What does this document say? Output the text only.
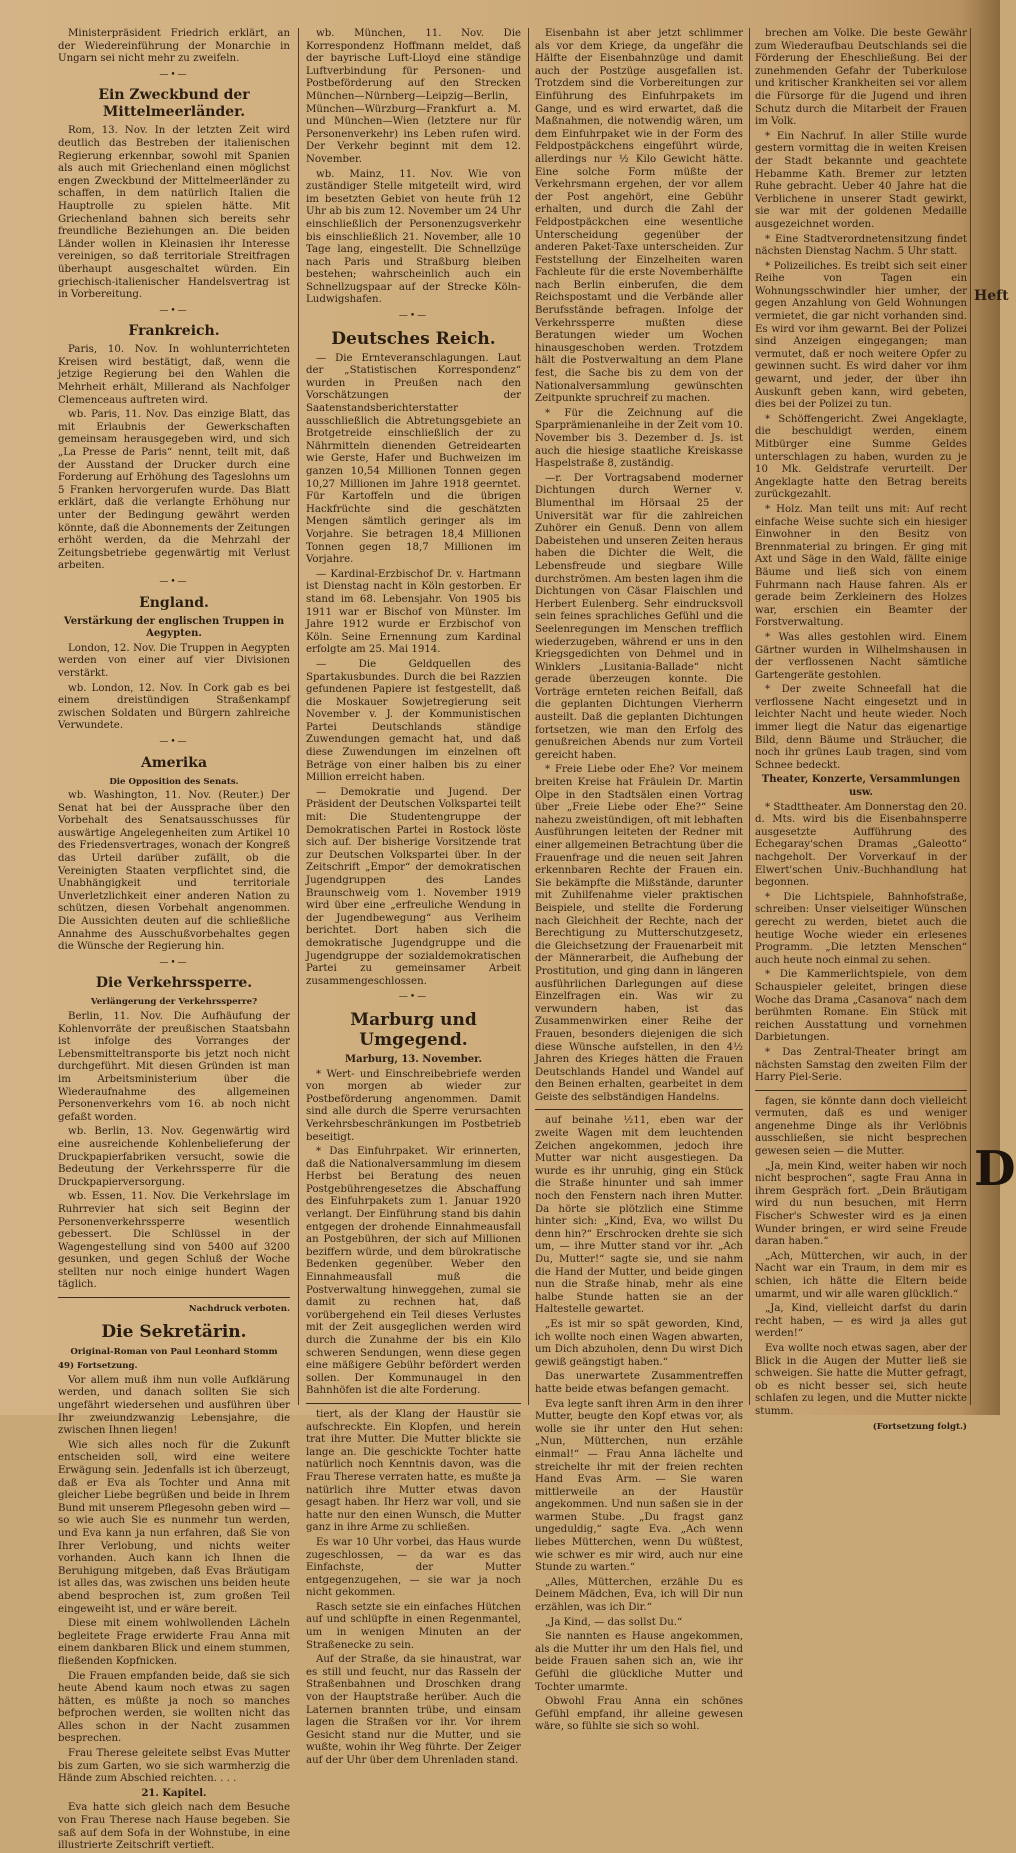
Ministerpräsident Friedrich erklärt, an der Wiedereinführung der Monarchie in Ungarn sei nicht mehr zu zweifeln.

—•—
Ein Zweckbund der Mittelmeerländer.

Rom, 13. Nov. In der letzten Zeit wird deutlich das Bestreben der italienischen Regierung erkennbar, sowohl mit Spanien als auch mit Griechenland einen möglichst engen Zweckbund der Mittelmeerländer zu schaffen, in dem natürlich Italien die Hauptrolle zu spielen hätte. Mit Griechenland bahnen sich bereits sehr freundliche Beziehungen an. Die beiden Länder wollen in Kleinasien ihr Interesse vereinigen, so daß territoriale Streitfragen überhaupt ausgeschaltet würden. Ein griechisch-italienischer Handelsvertrag ist in Vorbereitung.

—•—
Frankreich.

Paris, 10. Nov. In wohlunterrichteten Kreisen wird bestätigt, daß, wenn die jetzige Regierung bei den Wahlen die Mehrheit erhält, Millerand als Nachfolger Clemenceaus auftreten wird.

wb. Paris, 11. Nov. Das einzige Blatt, das mit Erlaubnis der Gewerkschaften gemeinsam herausgegeben wird, und sich „La Presse de Paris“ nennt, teilt mit, daß der Ausstand der Drucker durch eine Forderung auf Erhöhung des Tageslohns um 5 Franken hervorgerufen wurde. Das Blatt erklärt, daß die verlangte Erhöhung nur unter der Bedingung gewährt werden könnte, daß die Abonnements der Zeitungen erhöht werden, da die Mehrzahl der Zeitungsbetriebe gegenwärtig mit Verlust arbeiten.

—•—
England.
Verstärkung der englischen Truppen in Aegypten.

London, 12. Nov. Die Truppen in Aegypten werden von einer auf vier Divisionen verstärkt.

wb. London, 12. Nov. In Cork gab es bei einem dreistündigen Straßenkampf zwischen Soldaten und Bürgern zahlreiche Verwundete.

—•—
Amerika
Die Opposition des Senats.

wb. Washington, 11. Nov. (Reuter.) Der Senat hat bei der Aussprache über den Vorbehalt des Senatsausschusses für auswärtige Angelegenheiten zum Artikel 10 des Friedensvertrages, wonach der Kongreß das Urteil darüber zufällt, ob die Vereinigten Staaten verpflichtet sind, die Unabhängigkeit und territoriale Unverletzlichkeit einer anderen Nation zu schützen, diesen Vorbehalt angenommen. Die Aussichten deuten auf die schließliche Annahme des Ausschußvorbehaltes gegen die Wünsche der Regierung hin.

—•—
Die Verkehrssperre.
Verlängerung der Verkehrssperre?

Berlin, 11. Nov. Die Aufhäufung der Kohlenvorräte der preußischen Staatsbahn ist infolge des Vorranges der Lebensmitteltransporte bis jetzt noch nicht durchgeführt. Mit diesen Gründen ist man im Arbeitsministerium über die Wiederaufnahme des allgemeinen Personenverkehrs vom 16. ab noch nicht gefaßt worden.

wb. Berlin, 13. Nov. Gegenwärtig wird eine ausreichende Kohlenbelieferung der Druckpapierfabriken versucht, sowie die Bedeutung der Verkehrssperre für die Druckpapierversorgung.

wb. Essen, 11. Nov. Die Verkehrslage im Ruhrrevier hat sich seit Beginn der Personenverkehrssperre wesentlich gebessert. Die Schlüssel in der Wagengestellung sind von 5400 auf 3200 gesunken, und gegen Schluß der Woche stellten nur noch einige hundert Wagen täglich.

Nachdruck verboten.
Die Sekretärin.
Original-Roman von Paul Leonhard Stomm
49) Fortsetzung.

Vor allem muß ihm nun volle Aufklärung werden, und danach sollten Sie sich ungefährt wiedersehen und ausführen über Ihr zweiundzwanzig Lebensjahre, die zwischen Ihnen liegen!

Wie sich alles noch für die Zukunft entscheiden soll, wird eine weitere Erwägung sein. Jedenfalls ist ich überzeugt, daß er Eva als Tochter und Anna mit gleicher Liebe begrüßen und beide in Ihrem Bund mit unserem Pflegesohn geben wird — so wie auch Sie es nunmehr tun werden, und Eva kann ja nun erfahren, daß Sie von Ihrer Verlobung, und nichts weiter vorhanden. Auch kann ich Ihnen die Beruhigung mitgeben, daß Evas Bräutigam ist alles das, was zwischen uns beiden heute abend besprochen ist, zum großen Teil eingeweiht ist, und er wäre bereit.

Diese mit einem wohlwollenden Lächeln begleitete Frage erwiderte Frau Anna mit einem dankbaren Blick und einem stummen, fließenden Kopfnicken.

Die Frauen empfanden beide, daß sie sich heute Abend kaum noch etwas zu sagen hätten, es müßte ja noch so manches befprochen werden, sie wollten nicht das Alles schon in der Nacht zusammen besprechen.

Frau Therese geleitete selbst Evas Mutter bis zum Garten, wo sie sich warmherzig die Hände zum Abschied reichten. . . .

21. Kapitel.

Eva hatte sich gleich nach dem Besuche von Frau Therese nach Hause begeben. Sie saß auf dem Sofa in der Wohnstube, in eine illustrierte Zeitschrift vertieft.

wb. München, 11. Nov. Die Korrespondenz Hoffmann meldet, daß der bayrische Luft-Lloyd eine ständige Luftverbindung für Personen- und Postbeförderung auf den Strecken München—Nürnberg—Leipzig—Berlin, München—Würzburg—Frankfurt a. M. und München—Wien (letztere nur für Personenverkehr) ins Leben rufen wird. Der Verkehr beginnt mit dem 12. November.

wb. Mainz, 11. Nov. Wie von zuständiger Stelle mitgeteilt wird, wird im besetzten Gebiet von heute früh 12 Uhr ab bis zum 12. November um 24 Uhr einschließlich der Personenzugsverkehr bis einschließlich 21. November, alle 10 Tage lang, eingestellt. Die Schnellzüge nach Paris und Straßburg bleiben bestehen; wahrscheinlich auch ein Schnellzugspaar auf der Strecke Köln-Ludwigshafen.

—•—
Deutsches Reich.

— Die Ernteveranschlagungen. Laut der „Statistischen Korrespondenz“ wurden in Preußen nach den Vorschätzungen der Saatenstandsberichterstatter ausschließlich die Abtretungsgebiete an Brotgetreide einschließlich der zu Nährmitteln dienenden Getreidearten wie Gerste, Hafer und Buchweizen im ganzen 10,54 Millionen Tonnen gegen 10,27 Millionen im Jahre 1918 geerntet. Für Kartoffeln und die übrigen Hackfrüchte sind die geschätzten Mengen sämtlich geringer als im Vorjahre. Sie betragen 18,4 Millionen Tonnen gegen 18,7 Millionen im Vorjahre.

— Kardinal-Erzbischof Dr. v. Hartmann ist Dienstag nacht in Köln gestorben. Er stand im 68. Lebensjahr. Von 1905 bis 1911 war er Bischof von Münster. Im Jahre 1912 wurde er Erzbischof von Köln. Seine Ernennung zum Kardinal erfolgte am 25. Mai 1914.

— Die Geldquellen des Spartakusbundes. Durch die bei Razzien gefundenen Papiere ist festgestellt, daß die Moskauer Sowjetregierung seit November v. J. der Kommunistischen Partei Deutschlands ständige Zuwendungen gemacht hat, und daß diese Zuwendungen im einzelnen oft Beträge von einer halben bis zu einer Million erreicht haben.

— Demokratie und Jugend. Der Präsident der Deutschen Volkspartei teilt mit: Die Studentengruppe der Demokratischen Partei in Rostock löste sich auf. Der bisherige Vorsitzende trat zur Deutschen Volkspartei über. In der Zeitschrift „Empor“ der demokratischen Jugendgruppen des Landes Braunschweig vom 1. November 1919 wird über eine „erfreuliche Wendung in der Jugendbewegung“ aus Verlheim berichtet. Dort haben sich die demokratische Jugendgruppe und die Jugendgruppe der sozialdemokratischen Partei zu gemeinsamer Arbeit zusammengeschlossen.

—•—
Marburg und Umgegend.
Marburg, 13. November.

* Wert- und Einschreibebriefe werden von morgen ab wieder zur Postbeförderung angenommen. Damit sind alle durch die Sperre verursachten Verkehrsbeschränkungen im Postbetrieb beseitigt.

* Das Einfuhrpaket. Wir erinnerten, daß die Nationalversammlung im diesem Herbst bei Beratung des neuen Postgebührengesetzes die Abschaffung des Einfuhrpakets zum 1. Januar 1920 verlangt. Der Einführung stand bis dahin entgegen der drohende Einnahmeausfall an Postgebühren, der sich auf Millionen beziffern würde, und dem bürokratische Bedenken gegenüber. Weber den Einnahmeausfall muß die Postverwaltung hinweggehen, zumal sie damit zu rechnen hat, daß vorübergehend ein Teil dieses Verlustes mit der Zeit ausgeglichen werden wird durch die Zunahme der bis ein Kilo schweren Sendungen, wenn diese gegen eine mäßigere Gebühr befördert werden sollen. Der Kommunaugel in den Bahnhöfen ist die alte Forderung.

tiert, als der Klang der Haustür sie aufschreckte. Ein Klopfen, und herein trat ihre Mutter. Die Mutter blickte sie lange an. Die geschickte Tochter hatte natürlich noch Kenntnis davon, was die Frau Therese verraten hatte, es mußte ja natürlich ihre Mutter etwas davon gesagt haben. Ihr Herz war voll, und sie hatte nur den einen Wunsch, die Mutter ganz in ihre Arme zu schließen.

Es war 10 Uhr vorbei, das Haus wurde zugeschlossen, — da war es das Einfachste, der Mutter entgegenzugehen, — sie war ja noch nicht gekommen.

Rasch setzte sie ein einfaches Hütchen auf und schlüpfte in einen Regenmantel, um in wenigen Minuten an der Straßenecke zu sein.

Auf der Straße, da sie hinaustrat, war es still und feucht, nur das Rasseln der Straßenbahnen und Droschken drang von der Hauptstraße herüber. Auch die Laternen brannten trübe, und einsam lagen die Straßen vor ihr. Vor ihrem Gesicht stand nur die Mutter, und sie wußte, wohin ihr Weg führte. Der Zeiger auf der Uhr über dem Uhrenladen stand.

Eisenbahn ist aber jetzt schlimmer als vor dem Kriege, da ungefähr die Hälfte der Eisenbahnzüge und damit auch der Postzüge ausgefallen ist. Trotzdem sind die Vorbereitungen zur Einführung des Einfuhrpakets im Gange, und es wird erwartet, daß die Maßnahmen, die notwendig wären, um dem Einfuhrpaket wie in der Form des Feldpostpäckchens eingeführt würde, allerdings nur ½ Kilo Gewicht hätte. Eine solche Form müßte der Verkehrsmann ergehen, der vor allem der Post angehört, eine Gebühr erhalten, und durch die Zahl der Feldpostpäckchen eine wesentliche Unterscheidung gegenüber der anderen Paket-Taxe unterscheiden. Zur Feststellung der Einzelheiten waren Fachleute für die erste Novemberhälfte nach Berlin einberufen, die dem Reichspostamt und die Verbände aller Berufsstände befragen. Infolge der Verkehrssperre mußten diese Beratungen wieder um Wochen hinausgeschoben werden. Trotzdem hält die Postverwaltung an dem Plane fest, die Sache bis zu dem von der Nationalversammlung gewünschten Zeitpunkte spruchreif zu machen.

* Für die Zeichnung auf die Sparprämienanleihe in der Zeit vom 10. November bis 3. Dezember d. Js. ist auch die hiesige staatliche Kreiskasse Haspelstraße 8, zuständig.

—r. Der Vortragsabend moderner Dichtungen durch Werner v. Blumenthal im Hörsaal 25 der Universität war für die zahlreichen Zuhörer ein Genuß. Denn von allem Dabeistehen und unseren Zeiten heraus haben die Dichter die Welt, die Lebensfreude und siegbare Wille durchströmen. Am besten lagen ihm die Dichtungen von Cäsar Flaischlen und Herbert Eulenberg. Sehr eindrucksvoll sein feines sprachliches Gefühl und die Seelenregungen im Menschen trefflich wiederzugeben, während er uns in den Kriegsgedichten von Dehmel und in Winklers „Lusitania-Ballade“ nicht gerade überzeugen konnte. Die Vorträge ernteten reichen Beifall, daß die geplanten Dichtungen Vierherrn austeilt. Daß die geplanten Dichtungen fortsetzen, wie man den Erfolg des genußreichen Abends nur zum Vorteil gereicht haben.

* Freie Liebe oder Ehe? Vor meinem breiten Kreise hat Fräulein Dr. Martin Olpe in den Stadtsälen einen Vortrag über „Freie Liebe oder Ehe?“ Seine nahezu zweistündigen, oft mit lebhaften Ausführungen leiteten der Redner mit einer allgemeinen Betrachtung über die Frauenfrage und die neuen seit Jahren erkennbaren Rechte der Frauen ein. Sie bekämpfte die Mißstände, darunter mit Zuhilfenahme vieler praktischen Beispiele, und stellte die Forderung nach Gleichheit der Rechte, nach der Berechtigung zu Mutterschutzgesetz, die Gleichsetzung der Frauenarbeit mit der Männerarbeit, die Aufhebung der Prostitution, und ging dann in längeren ausführlichen Darlegungen auf diese Einzelfragen ein. Was wir zu verwundern haben, ist das Zusammenwirken einer Reihe der Frauen, besonders diejenigen die sich diese Wünsche aufstellen, in den 4½ Jahren des Krieges hätten die Frauen Deutschlands Handel und Wandel auf den Beinen erhalten, gearbeitet in dem Geiste des selbständigen Handelns.

auf beinahe ½11, eben war der zweite Wagen mit dem leuchtenden Zeichen angekommen, jedoch ihre Mutter war nicht ausgestiegen. Da wurde es ihr unruhig, ging ein Stück die Straße hinunter und sah immer noch den Fenstern nach ihren Mutter. Da hörte sie plötzlich eine Stimme hinter sich: „Kind, Eva, wo willst Du denn hin?“ Erschrocken drehte sie sich um, — ihre Mutter stand vor ihr. „Ach Du, Mutter!“ sagte sie, und sie nahm die Hand der Mutter, und beide gingen nun die Straße hinab, mehr als eine halbe Stunde hatten sie an der Haltestelle gewartet.

„Es ist mir so spät geworden, Kind, ich wollte noch einen Wagen abwarten, um Dich abzuholen, denn Du wirst Dich gewiß geängstigt haben.“

Das unerwartete Zusammentreffen hatte beide etwas befangen gemacht.

Eva legte sanft ihren Arm in den ihrer Mutter, beugte den Kopf etwas vor, als wolle sie ihr unter den Hut sehen: „Nun, Mütterchen, nun erzähle einmal!“ — Frau Anna lächelte und streichelte ihr mit der freien rechten Hand Evas Arm. — Sie waren mittlerweile an der Haustür angekommen. Und nun saßen sie in der warmen Stube. „Du fragst ganz ungeduldig,“ sagte Eva. „Ach wenn liebes Mütterchen, wenn Du wüßtest, wie schwer es mir wird, auch nur eine Stunde zu warten.“

„Alles, Mütterchen, erzähle Du es Deinem Mädchen, Eva, ich will Dir nun erzählen, was ich Dir.“

„Ja Kind, — das sollst Du.“

Sie nannten es Hause angekommen, als die Mutter ihr um den Hals fiel, und beide Frauen sahen sich an, wie ihr Gefühl die glückliche Mutter und Tochter umarmte.

Obwohl Frau Anna ein schönes Gefühl empfand, ihr alleine gewesen wäre, so fühlte sie sich so wohl.

brechen am Volke. Die beste Gewähr zum Wiederaufbau Deutschlands sei die Förderung der Eheschließung. Bei der zunehmenden Gefahr der Tuberkulose und kritischer Krankheiten sei vor allem die Fürsorge für die Jugend und ihren Schutz durch die Mitarbeit der Frauen im Volk.

* Ein Nachruf. In aller Stille wurde gestern vormittag die in weiten Kreisen der Stadt bekannte und geachtete Hebamme Kath. Bremer zur letzten Ruhe gebracht. Ueber 40 Jahre hat die Verblichene in unserer Stadt gewirkt, sie war mit der goldenen Medaille ausgezeichnet worden.

* Eine Stadtverordnetensitzung findet nächsten Dienstag Nachm. 5 Uhr statt.

* Polizeiliches. Es treibt sich seit einer Reihe von Tagen ein Wohnungsschwindler hier umher, der gegen Anzahlung von Geld Wohnungen vermietet, die gar nicht vorhanden sind. Es wird vor ihm gewarnt. Bei der Polizei sind Anzeigen eingegangen; man vermutet, daß er noch weitere Opfer zu gewinnen sucht. Es wird daher vor ihm gewarnt, und jeder, der über ihn Auskunft geben kann, wird gebeten, dies bei der Polizei zu tun.

* Schöffengericht. Zwei Angeklagte, die beschuldigt werden, einem Mitbürger eine Summe Geldes unterschlagen zu haben, wurden zu je 10 Mk. Geldstrafe verurteilt. Der Angeklagte hatte den Betrag bereits zurückgezahlt.

* Holz. Man teilt uns mit: Auf recht einfache Weise suchte sich ein hiesiger Einwohner in den Besitz von Brennmaterial zu bringen. Er ging mit Axt und Säge in den Wald, fällte einige Bäume und ließ sich von einem Fuhrmann nach Hause fahren. Als er gerade beim Zerkleinern des Holzes war, erschien ein Beamter der Forstverwaltung.

* Was alles gestohlen wird. Einem Gärtner wurden in Wilhelmshausen in der verflossenen Nacht sämtliche Gartengeräte gestohlen.

* Der zweite Schneefall hat die verflossene Nacht eingesetzt und in leichter Nacht und heute wieder. Noch immer liegt die Natur das eigenartige Bild, denn Bäume und Sträucher, die noch ihr grünes Laub tragen, sind vom Schnee bedeckt.

Theater, Konzerte, Versammlungen usw.

* Stadttheater. Am Donnerstag den 20. d. Mts. wird bis die Eisenbahnsperre ausgesetzte Aufführung des Echegaray'schen Dramas „Galeotto“ nachgeholt. Der Vorverkauf in der Elwert'schen Univ.-Buchhandlung hat begonnen.

* Die Lichtspiele, Bahnhofstraße, schreiben: Unser vielseitiger Wünschen gerecht zu werden, bietet auch die heutige Woche wieder ein erlesenes Programm. „Die letzten Menschen“ auch heute noch einmal zu sehen.

* Die Kammerlichtspiele, von dem Schauspieler geleitet, bringen diese Woche das Drama „Casanova“ nach dem berühmten Romane. Ein Stück mit reichen Ausstattung und vornehmen Darbietungen.

* Das Zentral-Theater bringt am nächsten Samstag den zweiten Film der Harry Piel-Serie.

fagen, sie könnte dann doch vielleicht vermuten, daß es und weniger angenehme Dinge als ihr Verlöbnis ausschließen, sie nicht besprechen gewesen seien — die Mutter.

„Ja, mein Kind, weiter haben wir noch nicht besprochen“, sagte Frau Anna in ihrem Gespräch fort. „Dein Bräutigam wird du nun besuchen, mit Herrn Fischer's Schwester wird es ja einen Wunder bringen, er wird seine Freude daran haben.“

„Ach, Mütterchen, wir auch, in der Nacht war ein Traum, in dem mir es schien, ich hätte die Eltern beide umarmt, und wir alle waren glücklich.“

„Ja, Kind, vielleicht darfst du darin recht haben, — es wird ja alles gut werden!“

Eva wollte noch etwas sagen, aber der Blick in die Augen der Mutter ließ sie schweigen. Sie hatte die Mutter gefragt, ob es nicht besser sei, sich heute schlafen zu legen, und die Mutter nickte stumm.

(Fortsetzung folgt.)
Heft
D
